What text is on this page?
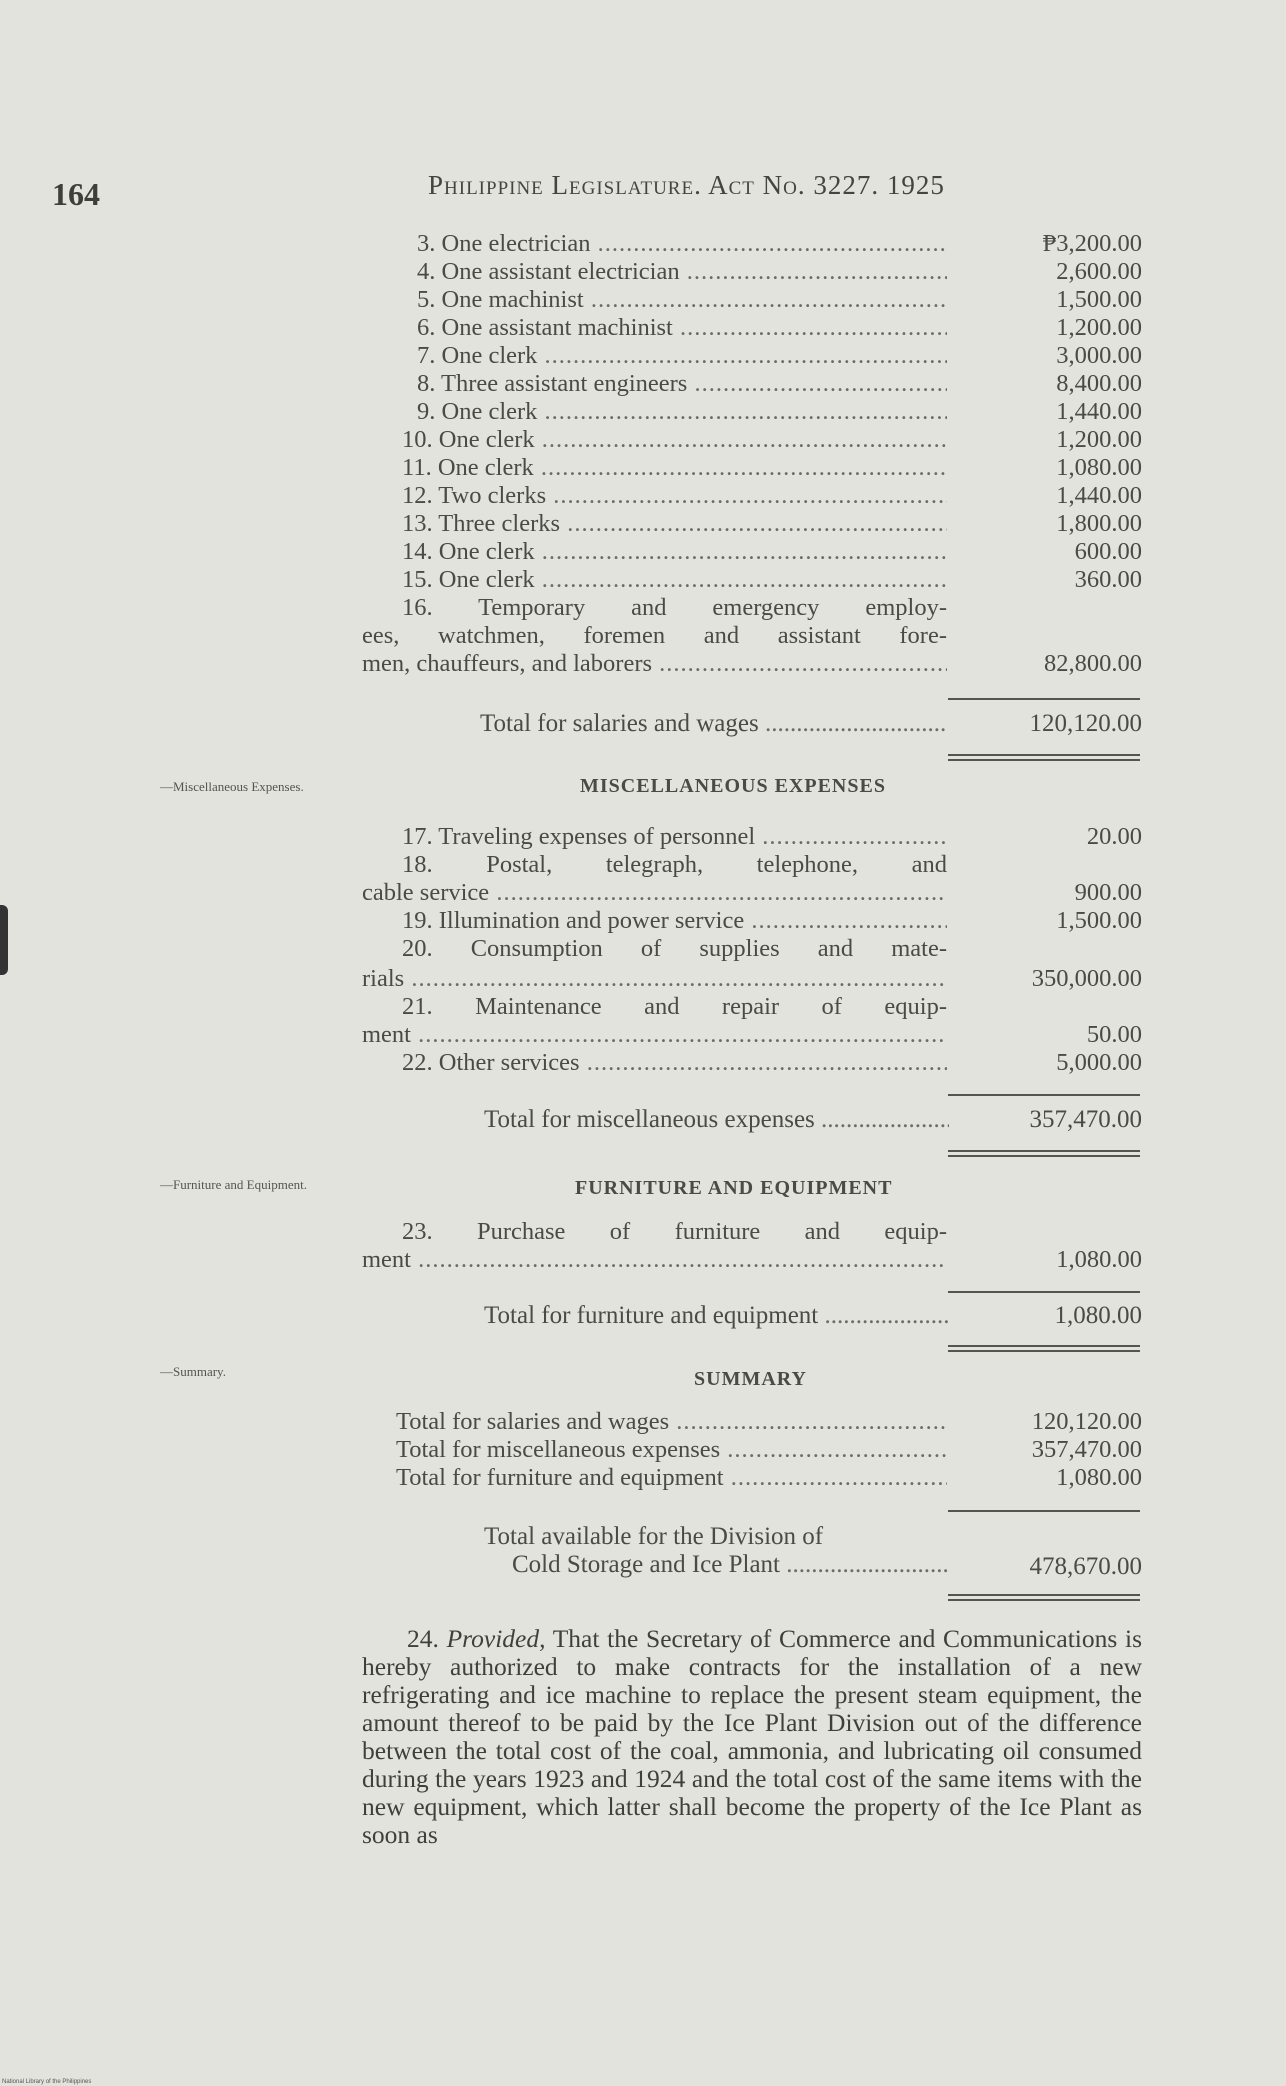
164	Philippine Legislature. Act No. 3227. 1925
3. One electrician .....	₱3,200.00
4. One assistant electrician .....	2,600.00
5. One machinist .....	1,500.00
6. One assistant machinist .....	1,200.00
7. One clerk .....	3,000.00
8. Three assistant engineers .....	8,400.00
9. One clerk .....	1,440.00
10. One clerk .....	1,200.00
11. One clerk .....	1,080.00
12. Two clerks .....	1,440.00
13. Three clerks .....	1,800.00
14. One clerk .....	600.00
15. One clerk .....	360.00
16. Temporary and emergency employ-
ees, watchmen, foremen and assistant fore-
men, chauffeurs, and laborers .....	82,800.00
Total for salaries and wages .....	120,120.00
—Miscellaneous Expenses.	MISCELLANEOUS EXPENSES
17. Traveling expenses of personnel .....	20.00
18. Postal, telegraph, telephone, and
cable service .....	900.00
19. Illumination and power service .....	1,500.00
20. Consumption of supplies and mate-
rials .....	350,000.00
21. Maintenance and repair of equip-
ment .....	50.00
22. Other services .....	5,000.00
Total for miscellaneous expenses .....	357,470.00
—Furniture and Equipment.	FURNITURE AND EQUIPMENT
23. Purchase of furniture and equip-
ment .....	1,080.00
Total for furniture and equipment .....	1,080.00
—Summary.	SUMMARY
Total for salaries and wages .....	120,120.00
Total for miscellaneous expenses .....	357,470.00
Total for furniture and equipment .....	1,080.00
Total available for the Division of
Cold Storage and Ice Plant .....	478,670.00
24. Provided, That the Secretary of Commerce and Communications is hereby authorized to make contracts for the installation of a new refrigerating and ice machine to replace the present steam equipment, the amount thereof to be paid by the Ice Plant Division out of the difference between the total cost of the coal, ammonia, and lubricating oil consumed during the years 1923 and 1924 and the total cost of the same items with the new equipment, which latter shall become the property of the Ice Plant as soon as
National Library of the Philippines
